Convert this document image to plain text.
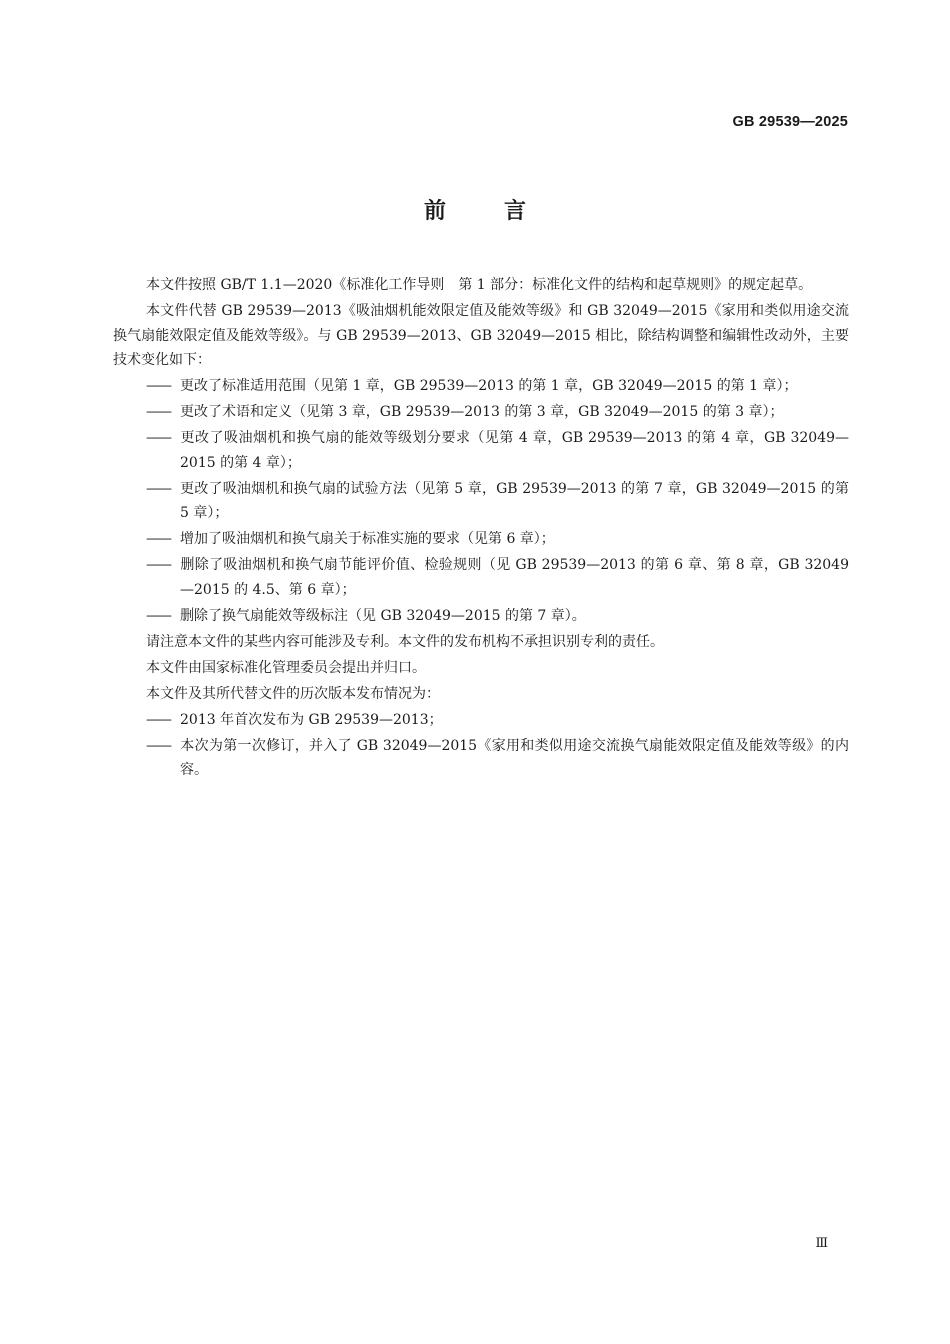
GB 29539—2025
前言

本文件按照 GB/T 1.1—2020《标准化工作导则　第 1 部分：标准化文件的结构和起草规则》的规定起草。

本文件代替 GB 29539—2013《吸油烟机能效限定值及能效等级》和 GB 32049—2015《家用和类似用途交流换气扇能效限定值及能效等级》。与 GB 29539—2013、GB 32049—2015 相比，除结构调整和编辑性改动外，主要技术变化如下：

—— 更改了标准适用范围（见第 1 章，GB 29539—2013 的第 1 章，GB 32049—2015 的第 1 章）；

—— 更改了术语和定义（见第 3 章，GB 29539—2013 的第 3 章，GB 32049—2015 的第 3 章）；

—— 更改了吸油烟机和换气扇的能效等级划分要求（见第 4 章，GB 29539—2013 的第 4 章，GB 32049—2015 的第 4 章）；

—— 更改了吸油烟机和换气扇的试验方法（见第 5 章，GB 29539—2013 的第 7 章，GB 32049—2015 的第 5 章）；

—— 增加了吸油烟机和换气扇关于标准实施的要求（见第 6 章）；

—— 删除了吸油烟机和换气扇节能评价值、检验规则（见 GB 29539—2013 的第 6 章、第 8 章，GB 32049—2015 的 4.5、第 6 章）；

—— 删除了换气扇能效等级标注（见 GB 32049—2015 的第 7 章）。

请注意本文件的某些内容可能涉及专利。本文件的发布机构不承担识别专利的责任。

本文件由国家标准化管理委员会提出并归口。

本文件及其所代替文件的历次版本发布情况为：

—— 2013 年首次发布为 GB 29539—2013；

—— 本次为第一次修订，并入了 GB 32049—2015《家用和类似用途交流换气扇能效限定值及能效等级》的内容。

Ⅲ
